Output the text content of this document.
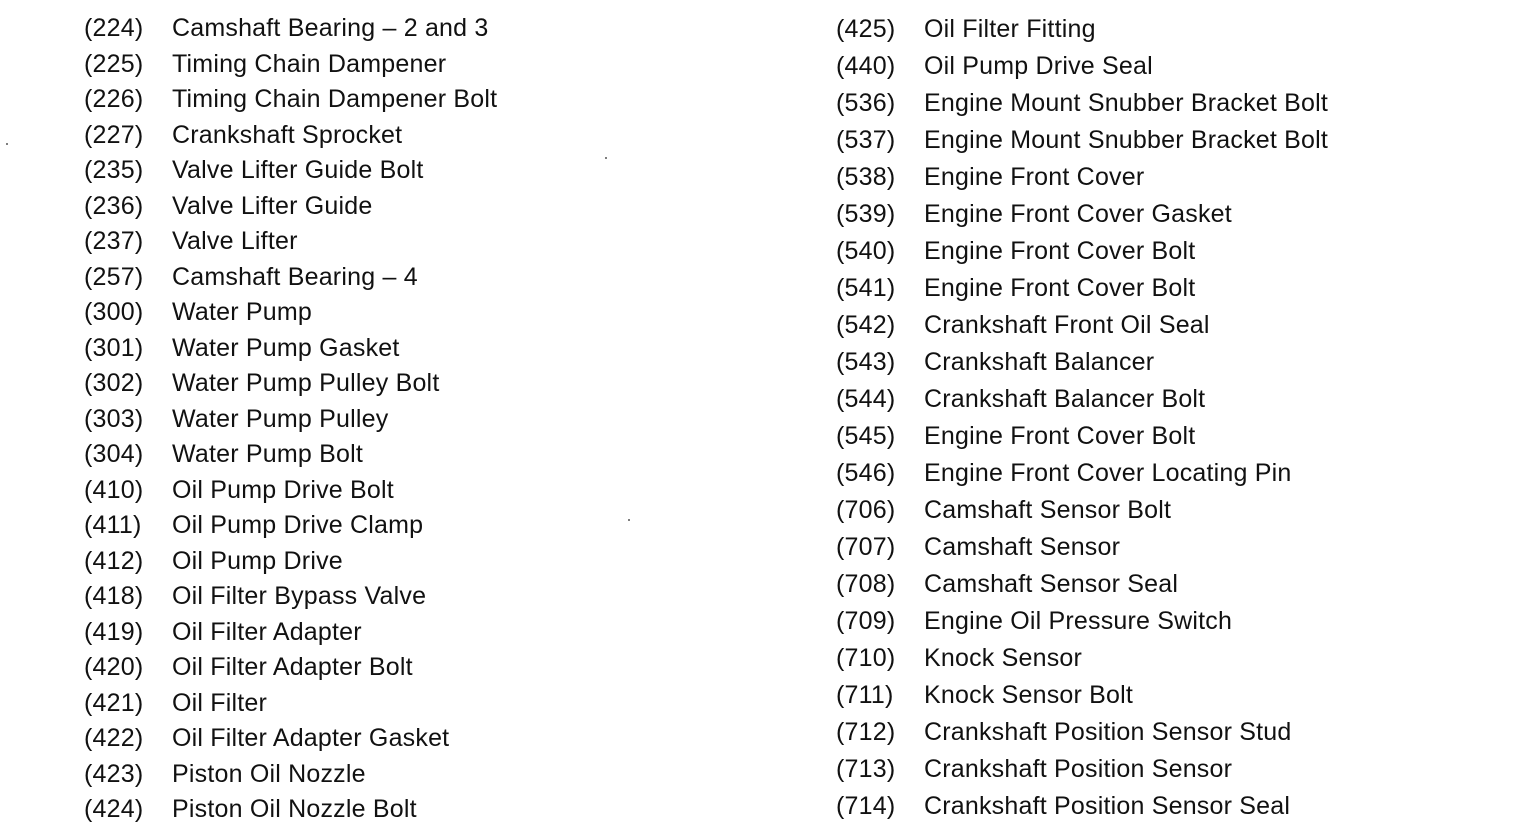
(224)	Camshaft Bearing – 2 and 3
(225)	Timing Chain Dampener
(226)	Timing Chain Dampener Bolt
(227)	Crankshaft Sprocket
(235)	Valve Lifter Guide Bolt
(236)	Valve Lifter Guide
(237)	Valve Lifter
(257)	Camshaft Bearing – 4
(300)	Water Pump
(301)	Water Pump Gasket
(302)	Water Pump Pulley Bolt
(303)	Water Pump Pulley
(304)	Water Pump Bolt
(410)	Oil Pump Drive Bolt
(411)	Oil Pump Drive Clamp
(412)	Oil Pump Drive
(418)	Oil Filter Bypass Valve
(419)	Oil Filter Adapter
(420)	Oil Filter Adapter Bolt
(421)	Oil Filter
(422)	Oil Filter Adapter Gasket
(423)	Piston Oil Nozzle
(424)	Piston Oil Nozzle Bolt
(425)	Oil Filter Fitting
(440)	Oil Pump Drive Seal
(536)	Engine Mount Snubber Bracket Bolt
(537)	Engine Mount Snubber Bracket Bolt
(538)	Engine Front Cover
(539)	Engine Front Cover Gasket
(540)	Engine Front Cover Bolt
(541)	Engine Front Cover Bolt
(542)	Crankshaft Front Oil Seal
(543)	Crankshaft Balancer
(544)	Crankshaft Balancer Bolt
(545)	Engine Front Cover Bolt
(546)	Engine Front Cover Locating Pin
(706)	Camshaft Sensor Bolt
(707)	Camshaft Sensor
(708)	Camshaft Sensor Seal
(709)	Engine Oil Pressure Switch
(710)	Knock Sensor
(711)	Knock Sensor Bolt
(712)	Crankshaft Position Sensor Stud
(713)	Crankshaft Position Sensor
(714)	Crankshaft Position Sensor Seal
